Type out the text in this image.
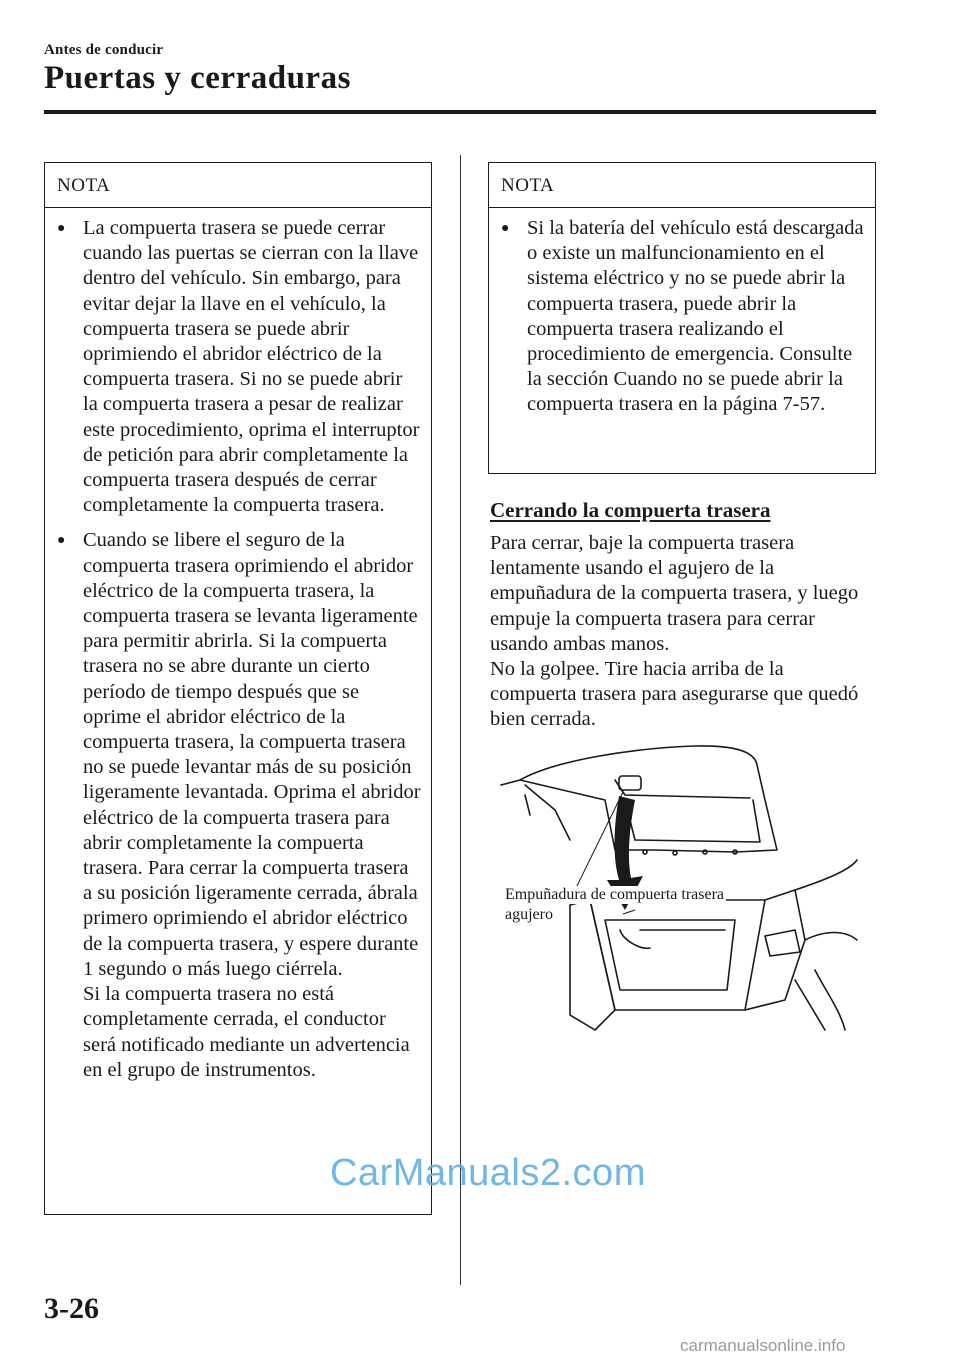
Antes de conducir
Puertas y cerraduras
NOTA
● La compuerta trasera se puede cerrar cuando las puertas se cierran con la llave dentro del vehículo. Sin embargo, para evitar dejar la llave en el vehículo, la compuerta trasera se puede abrir oprimiendo el abridor eléctrico de la compuerta trasera. Si no se puede abrir la compuerta trasera a pesar de realizar este procedimiento, oprima el interruptor de petición para abrir completamente la compuerta trasera después de cerrar completamente la compuerta trasera.

● Cuando se libere el seguro de la compuerta trasera oprimiendo el abridor eléctrico de la compuerta trasera, la compuerta trasera se levanta ligeramente para permitir abrirla. Si la compuerta trasera no se abre durante un cierto período de tiempo después que se oprime el abridor eléctrico de la compuerta trasera, la compuerta trasera no se puede levantar más de su posición ligeramente levantada. Oprima el abridor eléctrico de la compuerta trasera para abrir completamente la compuerta trasera. Para cerrar la compuerta trasera a su posición ligeramente cerrada, ábrala primero oprimiendo el abridor eléctrico de la compuerta trasera, y espere durante 1 segundo o más luego ciérrela.

Si la compuerta trasera no está completamente cerrada, el conductor será notificado mediante un advertencia en el grupo de instrumentos.

NOTA
● Si la batería del vehículo está descargada o existe un malfuncionamiento en el sistema eléctrico y no se puede abrir la compuerta trasera, puede abrir la compuerta trasera realizando el procedimiento de emergencia. Consulte la sección Cuando no se puede abrir la compuerta trasera en la página 7-57.

Cerrando la compuerta trasera

Para cerrar, baje la compuerta trasera lentamente usando el agujero de la empuñadura de la compuerta trasera, y luego empuje la compuerta trasera para cerrar usando ambas manos.

No la golpee. Tire hacia arriba de la compuerta trasera para asegurarse que quedó bien cerrada.

Empuñadura de compuerta trasera
agujero
CarManuals2.com
3-26
carmanualsonline.info
